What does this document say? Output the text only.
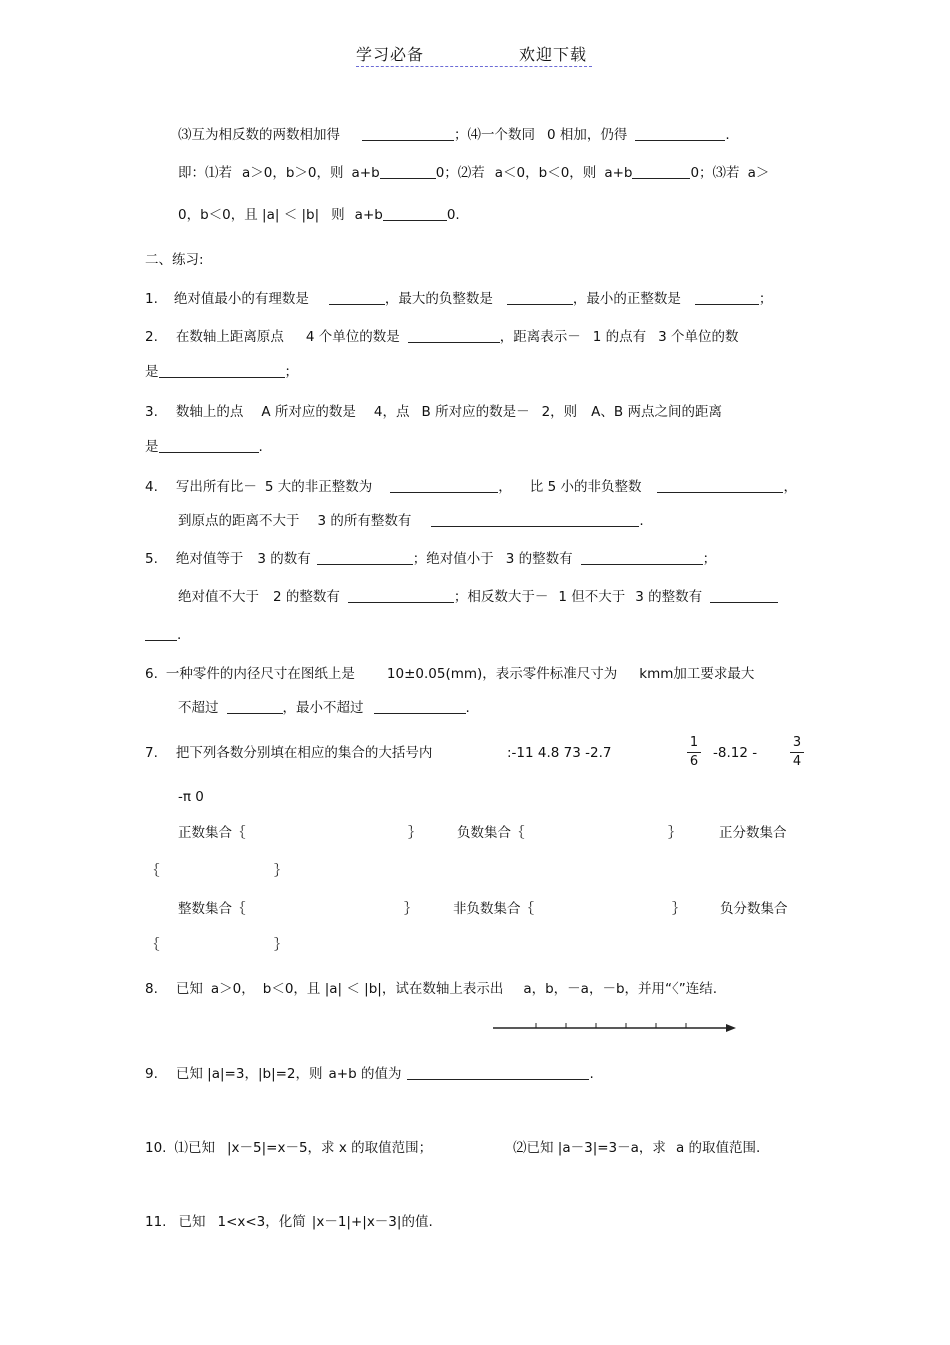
学习必备	欢迎下载
⑶互为相反数的两数相加得	；⑷一个数同 0 相加，仍得	.
即：⑴若 a＞0，b＞0，则 a+b	0；⑵若 a＜0，b＜0，则 a+b	0；⑶若 a＞
0，b＜0，且 |a| ＜ |b| 则 a+b	0.
二、练习:
1. 绝对值最小的有理数是	，最大的负整数是	，最小的正整数是	；
2. 在数轴上距离原点 4 个单位的数是	，距离表示－ 1 的点有 3 个单位的数
是	；
3. 数轴上的点 A 所对应的数是 4，点 B 所对应的数是－ 2，则 A、B 两点之间的距离
是	.
4. 写出所有比－ 5 大的非正整数为	， 比 5 小的非负整数	，
到原点的距离不大于 3 的所有整数有	.
5. 绝对值等于 3 的数有	；绝对值小于 3 的整数有	；
绝对值不大于 2 的整数有	；相反数大于－ 1 但不大于 3 的整数有
.
6. 一种零件的内径尺寸在图纸上是 10±0.05(mm)，表示零件标准尺寸为 kmm加工要求最大
不超过	，最小不超过	.
7. 把下列各数分别填在相应的集合的大括号内	:-11 4.8 73 -2.7
1
6
-8.12 -
3
4
-π 0
正数集合｛	｝	负数集合｛	｝	正分数集合
｛	｝
整数集合｛	｝	非负数集合｛	｝	负分数集合
｛	｝
8. 已知 a＞0， b＜0，且 |a| ＜ |b|，试在数轴上表示出 a，b，－a，－b，并用“〈”连结.
9. 已知 |a|=3，|b|=2，则 a+b 的值为	.
10. ⑴已知 |x－5|=x－5，求 x 的取值范围；	⑵已知 |a－3|=3－a，求 a 的取值范围.
11. 已知 1<x<3，化简 |x－1|+|x－3|的值.
